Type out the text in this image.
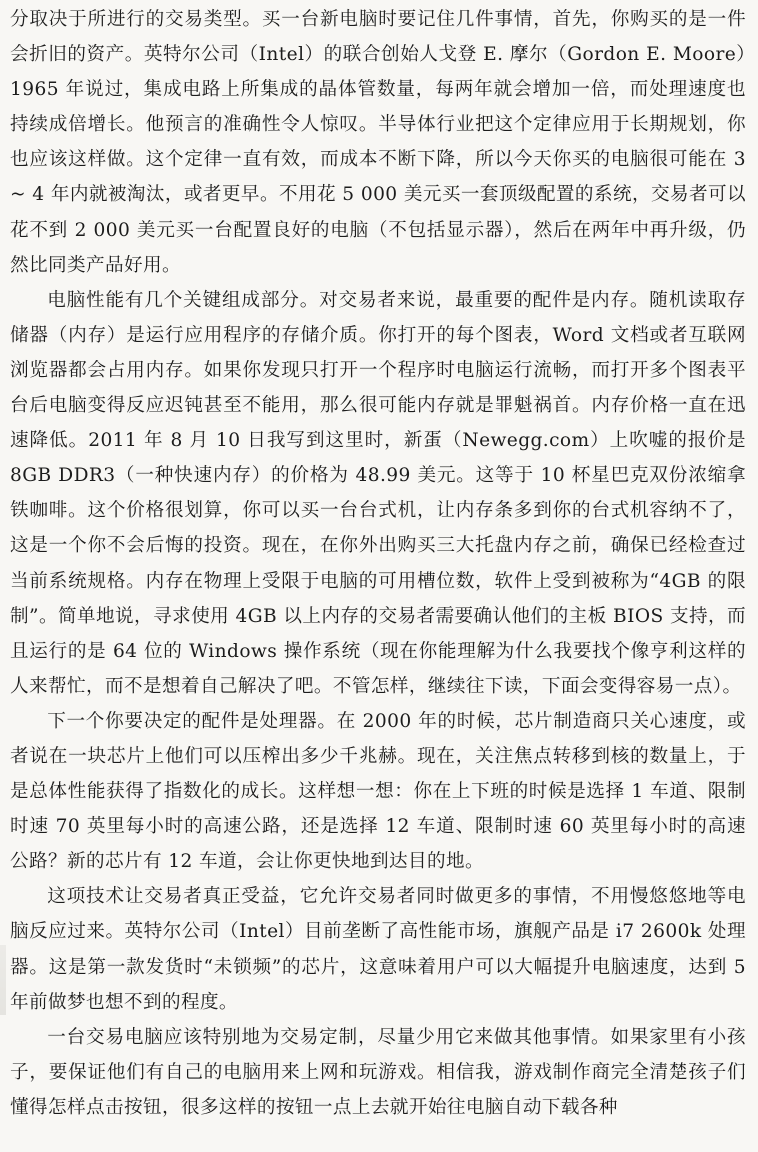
分取决于所进行的交易类型。买一台新电脑时要记住几件事情，首先，你购买的是一件会折旧的资产。英特尔公司（Intel）的联合创始人戈登 E. 摩尔（Gordon E. Moore）1965 年说过，集成电路上所集成的晶体管数量，每两年就会增加一倍，而处理速度也持续成倍增长。他预言的准确性令人惊叹。半导体行业把这个定律应用于长期规划，你也应该这样做。这个定律一直有效，而成本不断下降，所以今天你买的电脑很可能在 3 ~ 4 年内就被淘汰，或者更早。不用花 5 000 美元买一套顶级配置的系统，交易者可以花不到 2 000 美元买一台配置良好的电脑（不包括显示器），然后在两年中再升级，仍然比同类产品好用。

电脑性能有几个关键组成部分。对交易者来说，最重要的配件是内存。随机读取存储器（内存）是运行应用程序的存储介质。你打开的每个图表，Word 文档或者互联网浏览器都会占用内存。如果你发现只打开一个程序时电脑运行流畅，而打开多个图表平台后电脑变得反应迟钝甚至不能用，那么很可能内存就是罪魁祸首。内存价格一直在迅速降低。2011 年 8 月 10 日我写到这里时，新蛋（Newegg.com）上吹嘘的报价是 8GB DDR3（一种快速内存）的价格为 48.99 美元。这等于 10 杯星巴克双份浓缩拿铁咖啡。这个价格很划算，你可以买一台台式机，让内存条多到你的台式机容纳不了，这是一个你不会后悔的投资。现在，在你外出购买三大托盘内存之前，确保已经检查过当前系统规格。内存在物理上受限于电脑的可用槽位数，软件上受到被称为“4GB 的限制”。简单地说，寻求使用 4GB 以上内存的交易者需要确认他们的主板 BIOS 支持，而且运行的是 64 位的 Windows 操作系统（现在你能理解为什么我要找个像亨利这样的人来帮忙，而不是想着自己解决了吧。不管怎样，继续往下读，下面会变得容易一点）。

下一个你要决定的配件是处理器。在 2000 年的时候，芯片制造商只关心速度，或者说在一块芯片上他们可以压榨出多少千兆赫。现在，关注焦点转移到核的数量上，于是总体性能获得了指数化的成长。这样想一想：你在上下班的时候是选择 1 车道、限制时速 70 英里每小时的高速公路，还是选择 12 车道、限制时速 60 英里每小时的高速公路？新的芯片有 12 车道，会让你更快地到达目的地。

这项技术让交易者真正受益，它允许交易者同时做更多的事情，不用慢悠悠地等电脑反应过来。英特尔公司（Intel）目前垄断了高性能市场，旗舰产品是 i7 2600k 处理器。这是第一款发货时“未锁频”的芯片，这意味着用户可以大幅提升电脑速度，达到 5 年前做梦也想不到的程度。

一台交易电脑应该特别地为交易定制，尽量少用它来做其他事情。如果家里有小孩子，要保证他们有自己的电脑用来上网和玩游戏。相信我，游戏制作商完全清楚孩子们懂得怎样点击按钮，很多这样的按钮一点上去就开始往电脑自动下载各种
